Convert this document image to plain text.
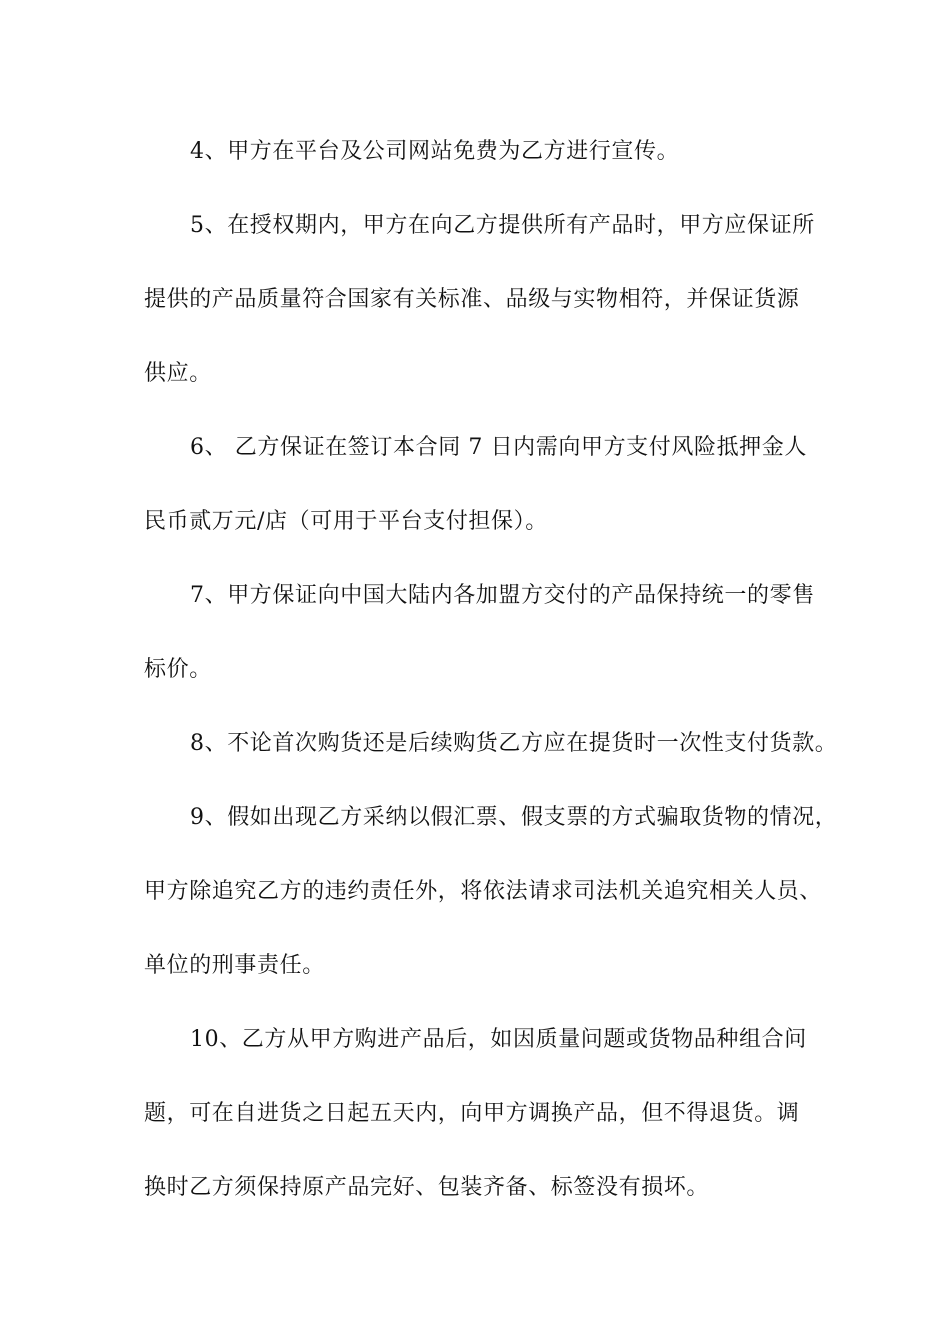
4、甲方在平台及公司网站免费为乙方进行宣传。
5、在授权期内，甲方在向乙方提供所有产品时，甲方应保证所
提供的产品质量符合国家有关标准、品级与实物相符，并保证货源
供应。
6、 乙方保证在签订本合同 7 日内需向甲方支付风险抵押金人
民币贰万元/店（可用于平台支付担保）。
7、甲方保证向中国大陆内各加盟方交付的产品保持统一的零售
标价。
8、不论首次购货还是后续购货乙方应在提货时一次性支付货款。
9、假如出现乙方采纳以假汇票、假支票的方式骗取货物的情况，
甲方除追究乙方的违约责任外，将依法请求司法机关追究相关人员、
单位的刑事责任。
10、乙方从甲方购进产品后，如因质量问题或货物品种组合问
题，可在自进货之日起五天内，向甲方调换产品，但不得退货。调
换时乙方须保持原产品完好、包装齐备、标签没有损坏。
